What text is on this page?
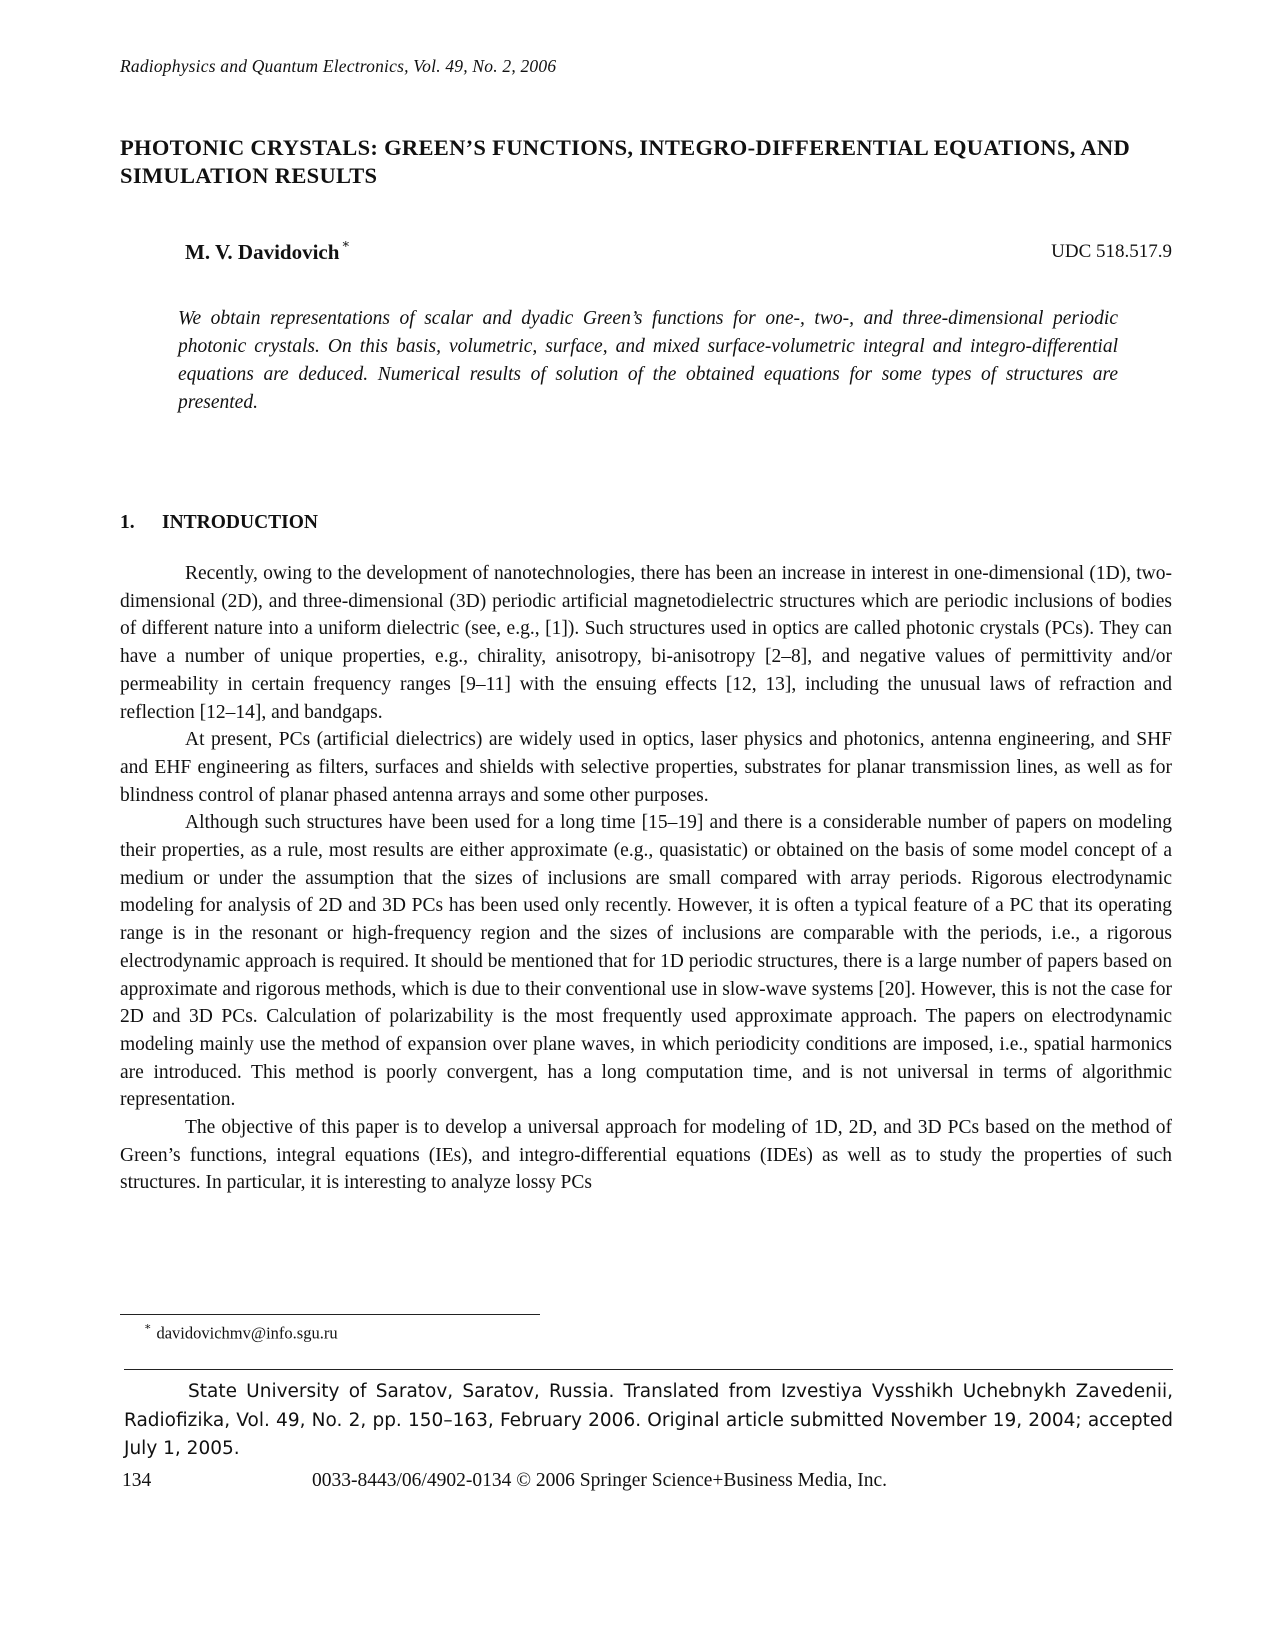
Radiophysics and Quantum Electronics, Vol. 49, No. 2, 2006
PHOTONIC CRYSTALS: GREEN’S FUNCTIONS, INTEGRO-DIFFERENTIAL EQUATIONS, AND SIMULATION RESULTS
M. V. Davidovich ∗	UDC 518.517.9

We obtain representations of scalar and dyadic Green’s functions for one-, two-, and three-dimensional periodic photonic crystals. On this basis, volumetric, surface, and mixed surface-volumetric integral and integro-differential equations are deduced. Numerical results of solution of the obtained equations for some types of structures are presented.

1. INTRODUCTION

Recently, owing to the development of nanotechnologies, there has been an increase in interest in one-dimensional (1D), two-dimensional (2D), and three-dimensional (3D) periodic artificial magnetodielectric structures which are periodic inclusions of bodies of different nature into a uniform dielectric (see, e.g., [1]). Such structures used in optics are called photonic crystals (PCs). They can have a number of unique properties, e.g., chirality, anisotropy, bi-anisotropy [2–8], and negative values of permittivity and/or permeability in certain frequency ranges [9–11] with the ensuing effects [12, 13], including the unusual laws of refraction and reflection [12–14], and bandgaps.

At present, PCs (artificial dielectrics) are widely used in optics, laser physics and photonics, antenna engineering, and SHF and EHF engineering as filters, surfaces and shields with selective properties, substrates for planar transmission lines, as well as for blindness control of planar phased antenna arrays and some other purposes.

Although such structures have been used for a long time [15–19] and there is a considerable number of papers on modeling their properties, as a rule, most results are either approximate (e.g., quasistatic) or obtained on the basis of some model concept of a medium or under the assumption that the sizes of inclusions are small compared with array periods. Rigorous electrodynamic modeling for analysis of 2D and 3D PCs has been used only recently. However, it is often a typical feature of a PC that its operating range is in the resonant or high-frequency region and the sizes of inclusions are comparable with the periods, i.e., a rigorous electrodynamic approach is required. It should be mentioned that for 1D periodic structures, there is a large number of papers based on approximate and rigorous methods, which is due to their conventional use in slow-wave systems [20]. However, this is not the case for 2D and 3D PCs. Calculation of polarizability is the most frequently used approximate approach. The papers on electrodynamic modeling mainly use the method of expansion over plane waves, in which periodicity conditions are imposed, i.e., spatial harmonics are introduced. This method is poorly convergent, has a long computation time, and is not universal in terms of algorithmic representation.

The objective of this paper is to develop a universal approach for modeling of 1D, 2D, and 3D PCs based on the method of Green’s functions, integral equations (IEs), and integro-differential equations (IDEs) as well as to study the properties of such structures. In particular, it is interesting to analyze lossy PCs

∗ davidovichmv@info.sgu.ru

State University of Saratov, Saratov, Russia. Translated from Izvestiya Vysshikh Uchebnykh Zavedenii, Radiofizika, Vol. 49, No. 2, pp. 150–163, February 2006. Original article submitted November 19, 2004; accepted July 1, 2005.

134	0033-8443/06/4902-0134 © 2006 Springer Science+Business Media, Inc.
